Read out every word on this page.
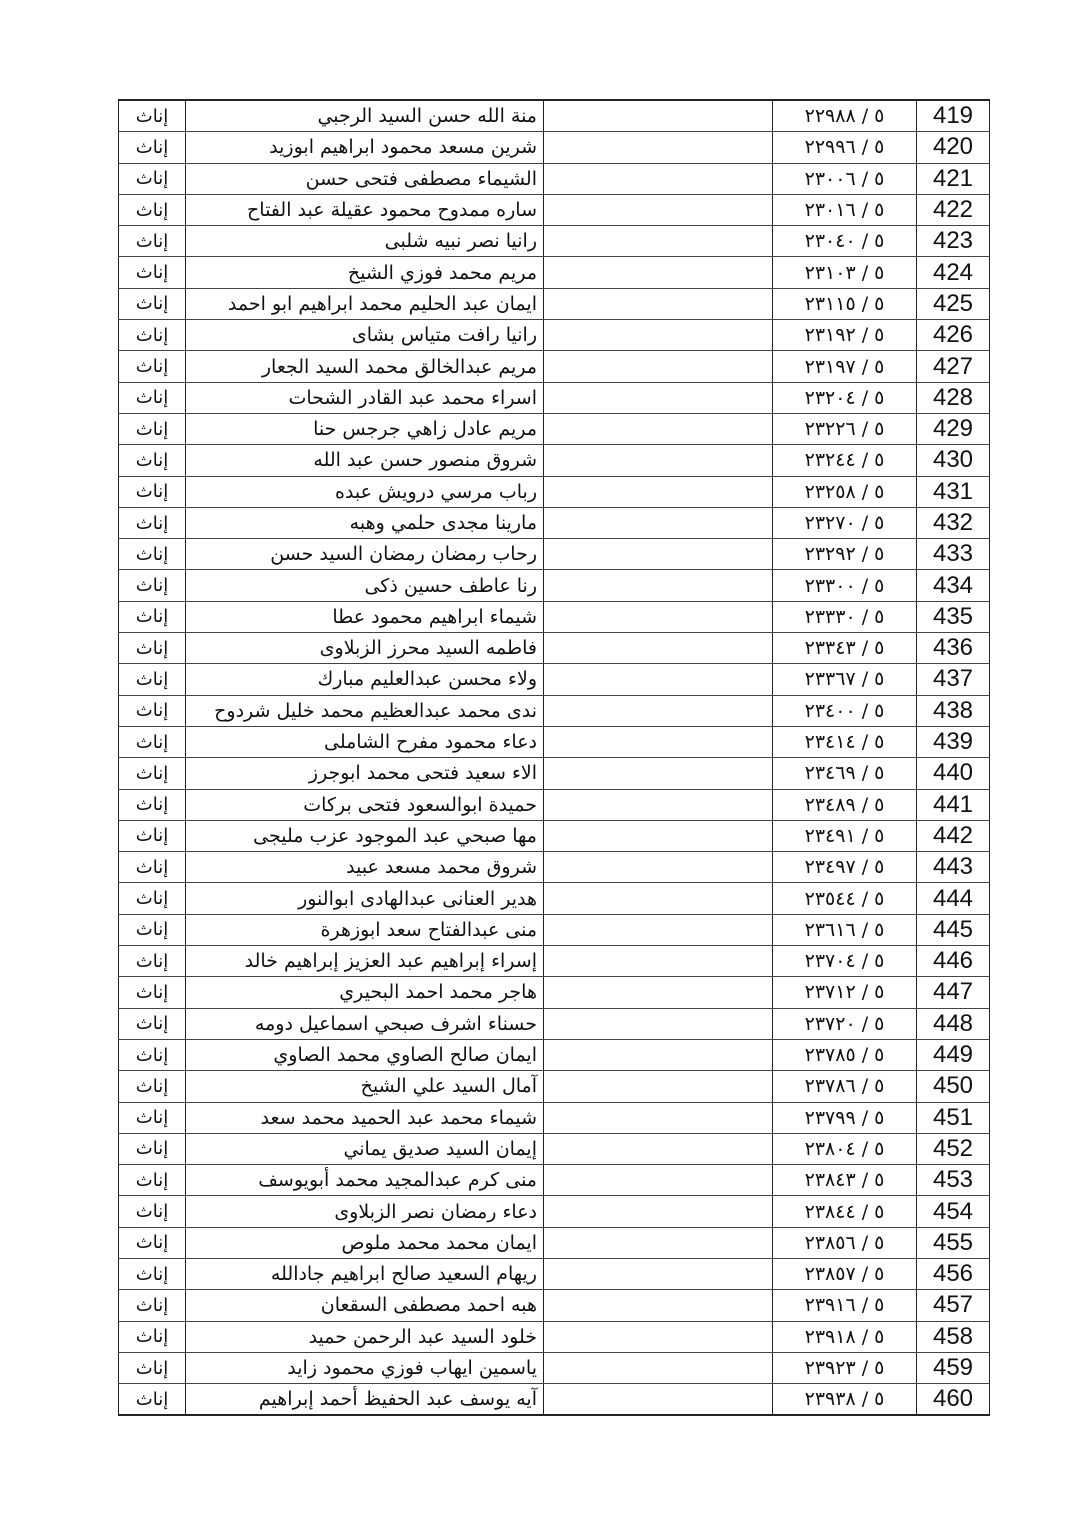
إناث	منة الله حسن السيد الرجبي		٥ / ٢٢٩٨٨	419
إناث	شرين مسعد محمود ابراهيم ابوزيد		٥ / ٢٢٩٩٦	420
إناث	الشيماء مصطفى فتحى حسن		٥ / ٢٣٠٠٦	421
إناث	ساره ممدوح محمود عقيلة عبد الفتاح		٥ / ٢٣٠١٦	422
إناث	رانيا نصر نبيه شلبى		٥ / ٢٣٠٤٠	423
إناث	مريم محمد فوزي الشيخ		٥ / ٢٣١٠٣	424
إناث	ايمان عبد الحليم محمد ابراهيم ابو احمد		٥ / ٢٣١١٥	425
إناث	رانيا رافت متياس بشاى		٥ / ٢٣١٩٢	426
إناث	مريم عبدالخالق محمد السيد الجعار		٥ / ٢٣١٩٧	427
إناث	اسراء محمد عبد القادر الشحات		٥ / ٢٣٢٠٤	428
إناث	مريم عادل زاهي جرجس حنا		٥ / ٢٣٢٢٦	429
إناث	شروق منصور حسن عبد الله		٥ / ٢٣٢٤٤	430
إناث	رباب مرسي درويش عبده		٥ / ٢٣٢٥٨	431
إناث	مارينا مجدى حلمي وهبه		٥ / ٢٣٢٧٠	432
إناث	رحاب رمضان رمضان السيد حسن		٥ / ٢٣٢٩٢	433
إناث	رنا عاطف حسين ذكى		٥ / ٢٣٣٠٠	434
إناث	شيماء ابراهيم محمود عطا		٥ / ٢٣٣٣٠	435
إناث	فاطمه السيد محرز الزبلاوى		٥ / ٢٣٣٤٣	436
إناث	ولاء محسن عبدالعليم مبارك		٥ / ٢٣٣٦٧	437
إناث	ندى محمد عبدالعظيم محمد خليل شردوح		٥ / ٢٣٤٠٠	438
إناث	دعاء محمود مفرح الشاملى		٥ / ٢٣٤١٤	439
إناث	الاء سعيد فتحى محمد ابوجرز		٥ / ٢٣٤٦٩	440
إناث	حميدة ابوالسعود فتحى بركات		٥ / ٢٣٤٨٩	441
إناث	مها صبحي عبد الموجود عزب مليجى		٥ / ٢٣٤٩١	442
إناث	شروق محمد مسعد عبيد		٥ / ٢٣٤٩٧	443
إناث	هدير العنانى عبدالهادى ابوالنور		٥ / ٢٣٥٤٤	444
إناث	منى عبدالفتاح سعد ابوزهرة		٥ / ٢٣٦١٦	445
إناث	إسراء إبراهيم عبد العزيز إبراهيم خالد		٥ / ٢٣٧٠٤	446
إناث	هاجر محمد احمد البحيري		٥ / ٢٣٧١٢	447
إناث	حسناء اشرف صبحي اسماعيل دومه		٥ / ٢٣٧٢٠	448
إناث	ايمان صالح الصاوي محمد الصاوي		٥ / ٢٣٧٨٥	449
إناث	آمال السيد علي الشيخ		٥ / ٢٣٧٨٦	450
إناث	شيماء محمد عبد الحميد محمد سعد		٥ / ٢٣٧٩٩	451
إناث	إيمان السيد صديق يماني		٥ / ٢٣٨٠٤	452
إناث	منى كرم عبدالمجيد محمد أبويوسف		٥ / ٢٣٨٤٣	453
إناث	دعاء رمضان نصر الزبلاوى		٥ / ٢٣٨٤٤	454
إناث	ايمان محمد محمد ملوص		٥ / ٢٣٨٥٦	455
إناث	ريهام السعيد صالح ابراهيم جادالله		٥ / ٢٣٨٥٧	456
إناث	هبه احمد مصطفى السقعان		٥ / ٢٣٩١٦	457
إناث	خلود السيد عبد الرحمن حميد		٥ / ٢٣٩١٨	458
إناث	ياسمين ايهاب فوزي محمود زايد		٥ / ٢٣٩٢٣	459
إناث	آيه يوسف عبد الحفيظ أحمد إبراهيم		٥ / ٢٣٩٣٨	460
